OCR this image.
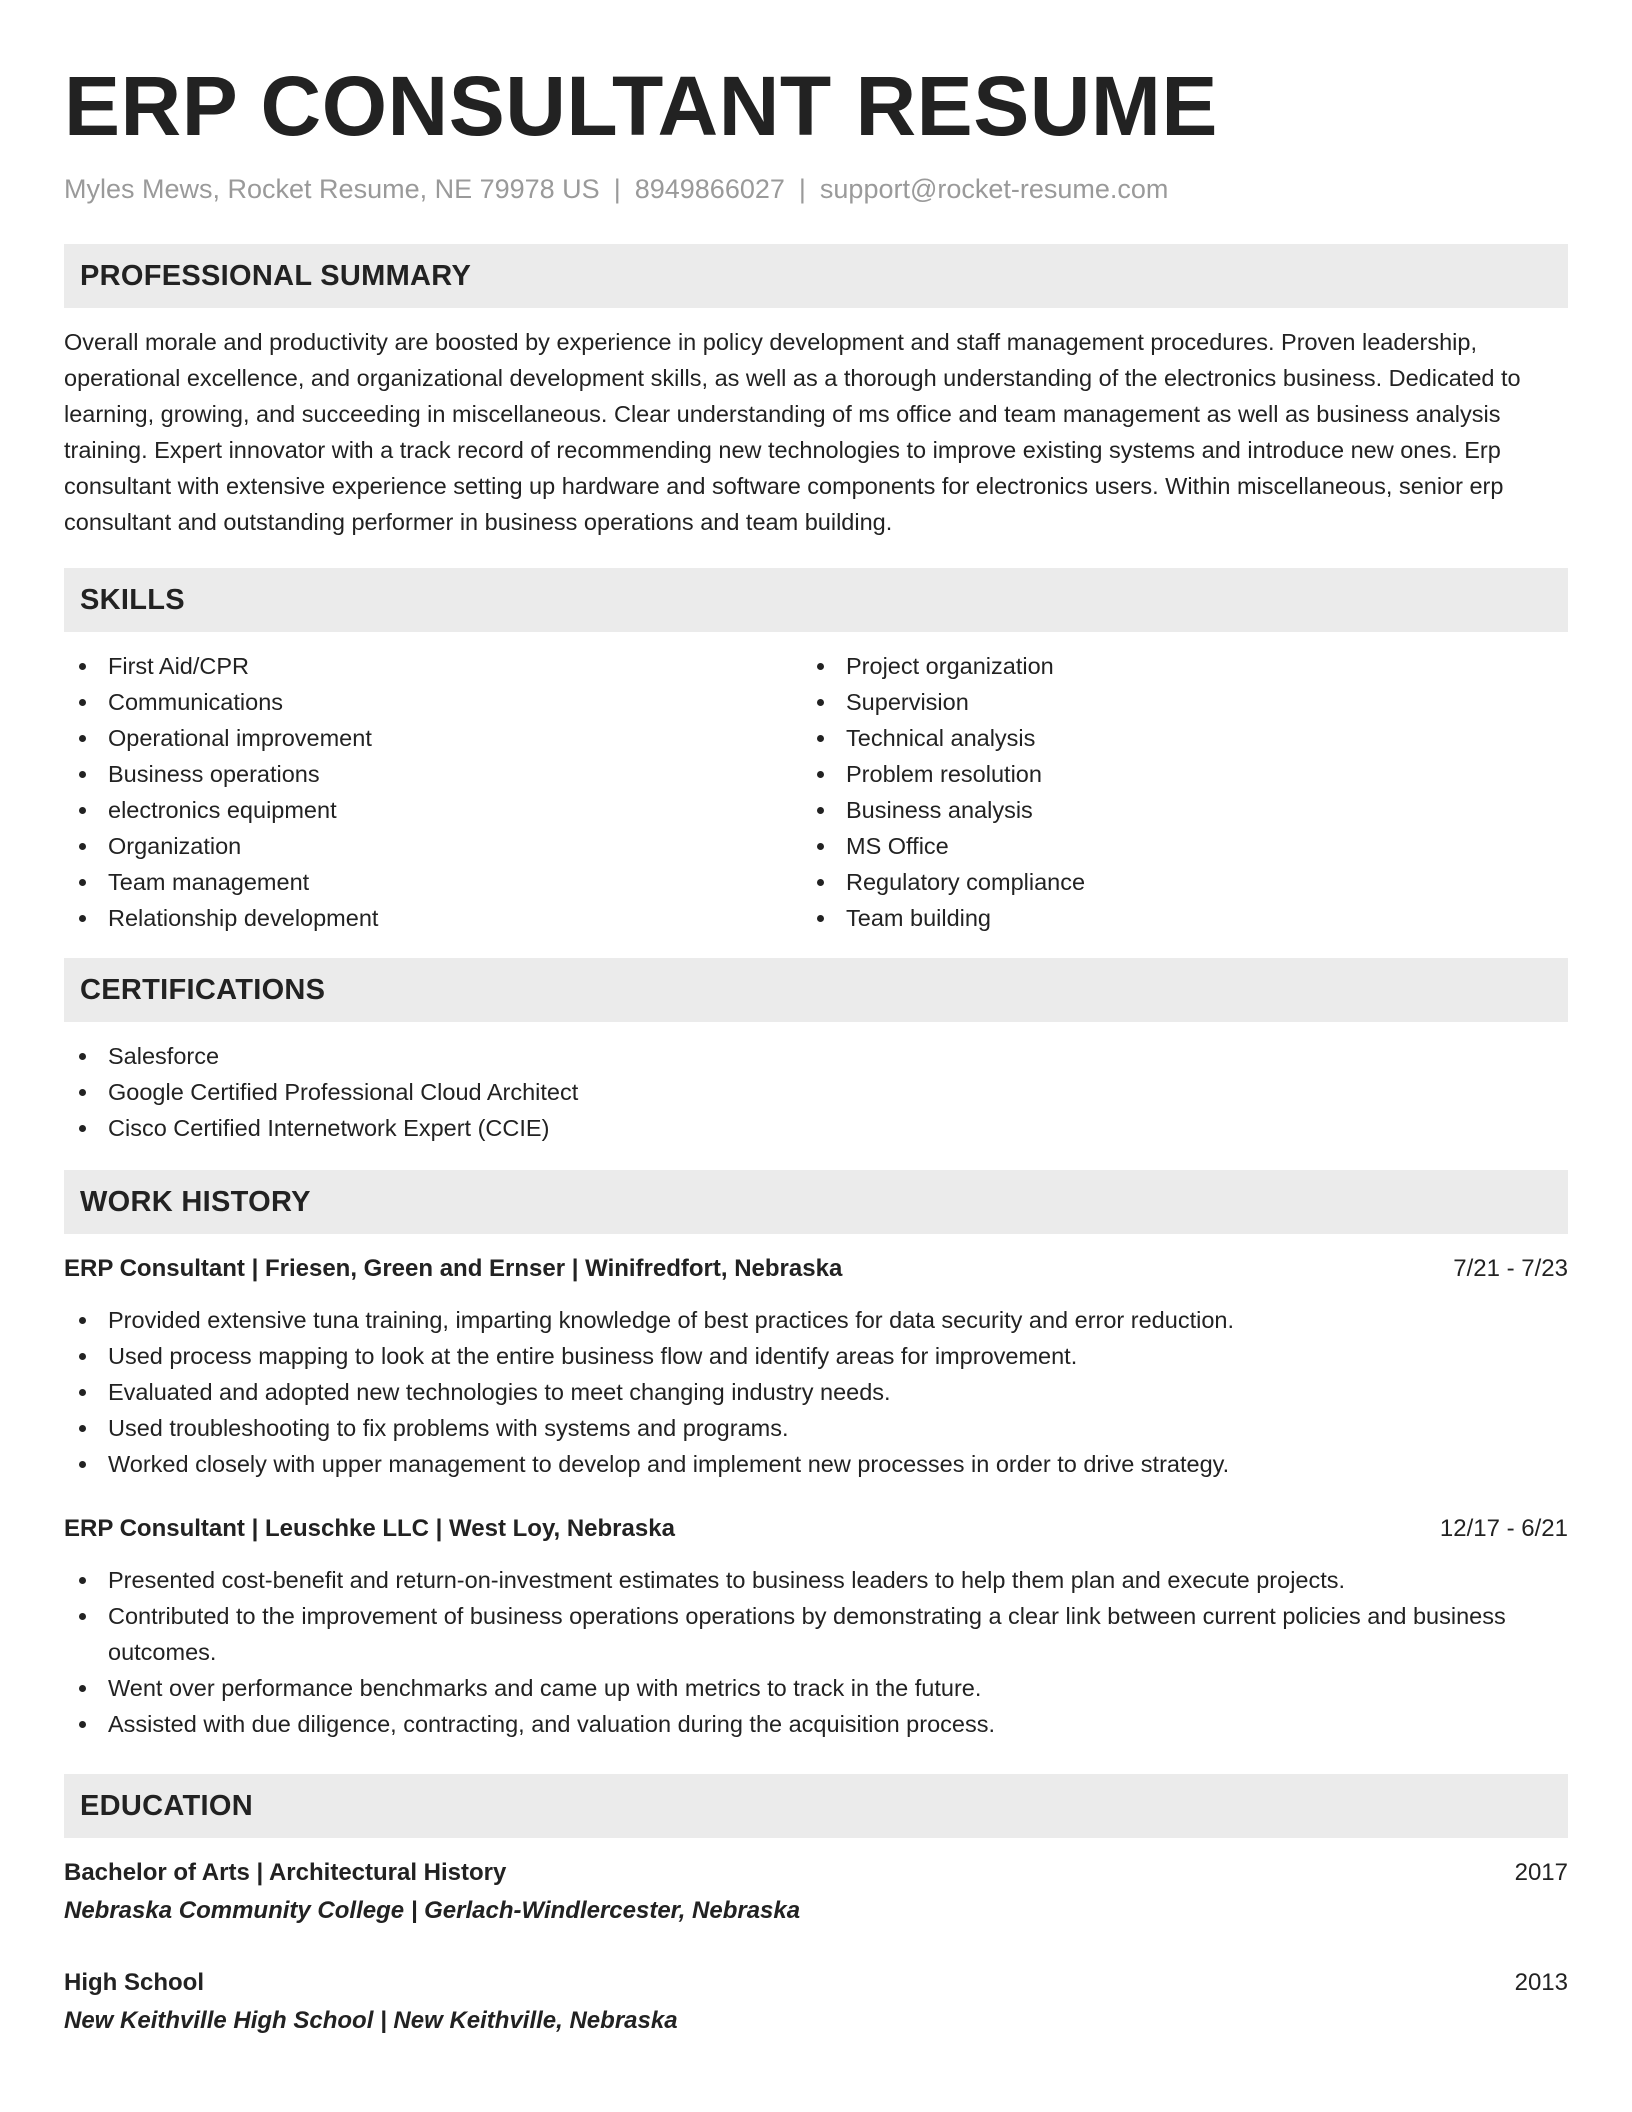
ERP CONSULTANT RESUME
Myles Mews, Rocket Resume, NE 79978 US | 8949866027 | support@rocket-resume.com
PROFESSIONAL SUMMARY

Overall morale and productivity are boosted by experience in policy development and staff management procedures. Proven leadership, operational excellence, and organizational development skills, as well as a thorough understanding of the electronics business. Dedicated to learning, growing, and succeeding in miscellaneous. Clear understanding of ms office and team management as well as business analysis training. Expert innovator with a track record of recommending new technologies to improve existing systems and introduce new ones. Erp consultant with extensive experience setting up hardware and software components for electronics users. Within miscellaneous, senior erp consultant and outstanding performer in business operations and team building.

SKILLS
First Aid/CPR
Communications
Operational improvement
Business operations
electronics equipment
Organization
Team management
Relationship development
Project organization
Supervision
Technical analysis
Problem resolution
Business analysis
MS Office
Regulatory compliance
Team building
CERTIFICATIONS
Salesforce
Google Certified Professional Cloud Architect
Cisco Certified Internetwork Expert (CCIE)
WORK HISTORY
ERP Consultant | Friesen, Green and Ernser | Winifredfort, Nebraska	7/21 - 7/23
Provided extensive tuna training, imparting knowledge of best practices for data security and error reduction.
Used process mapping to look at the entire business flow and identify areas for improvement.
Evaluated and adopted new technologies to meet changing industry needs.
Used troubleshooting to fix problems with systems and programs.
Worked closely with upper management to develop and implement new processes in order to drive strategy.
ERP Consultant | Leuschke LLC | West Loy, Nebraska	12/17 - 6/21
Presented cost-benefit and return-on-investment estimates to business leaders to help them plan and execute projects.
Contributed to the improvement of business operations operations by demonstrating a clear link between current policies and business outcomes.
Went over performance benchmarks and came up with metrics to track in the future.
Assisted with due diligence, contracting, and valuation during the acquisition process.
EDUCATION
Bachelor of Arts | Architectural History	2017
Nebraska Community College | Gerlach-Windlercester, Nebraska
High School	2013
New Keithville High School | New Keithville, Nebraska
